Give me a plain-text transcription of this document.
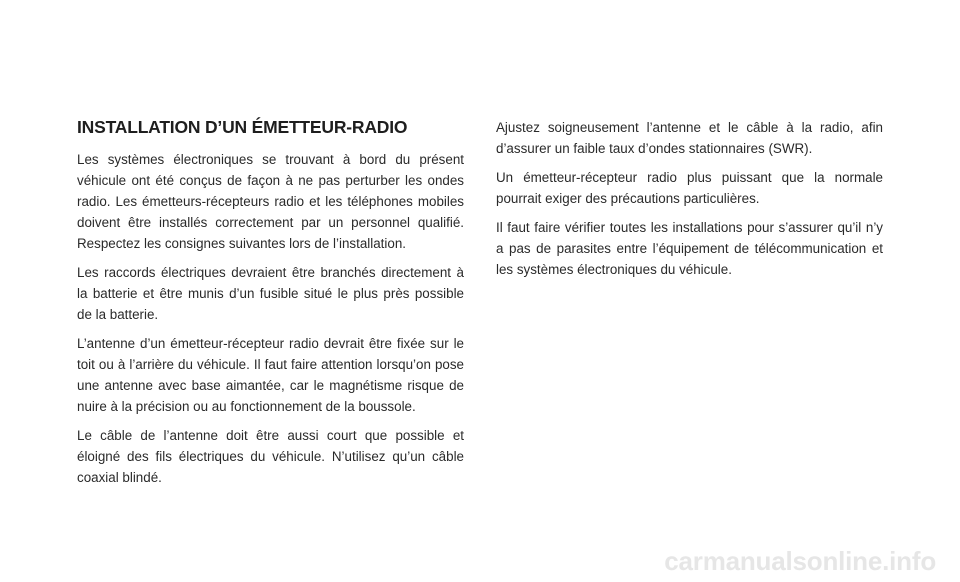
INSTALLATION D’UN ÉMETTEUR-RADIO

Les systèmes électroniques se trouvant à bord du présent véhicule ont été conçus de façon à ne pas perturber les ondes radio. Les émetteurs-récepteurs radio et les téléphones mobiles doivent être installés correctement par un personnel qualifié. Respectez les consignes suivantes lors de l’installation.

Les raccords électriques devraient être branchés directement à la batterie et être munis d’un fusible situé le plus près possible de la batterie.

L’antenne d’un émetteur-récepteur radio devrait être fixée sur le toit ou à l’arrière du véhicule. Il faut faire attention lorsqu’on pose une antenne avec base aimantée, car le magnétisme risque de nuire à la précision ou au fonctionnement de la boussole.

Le câble de l’antenne doit être aussi court que possible et éloigné des fils électriques du véhicule. N’utilisez qu’un câble coaxial blindé.

Ajustez soigneusement l’antenne et le câble à la radio, afin d’assurer un faible taux d’ondes stationnaires (SWR).

Un émetteur-récepteur radio plus puissant que la normale pourrait exiger des précautions particulières.

Il faut faire vérifier toutes les installations pour s’assurer qu’il n’y a pas de parasites entre l’équipement de télécommunication et les systèmes électroniques du véhicule.

carmanualsonline.info
